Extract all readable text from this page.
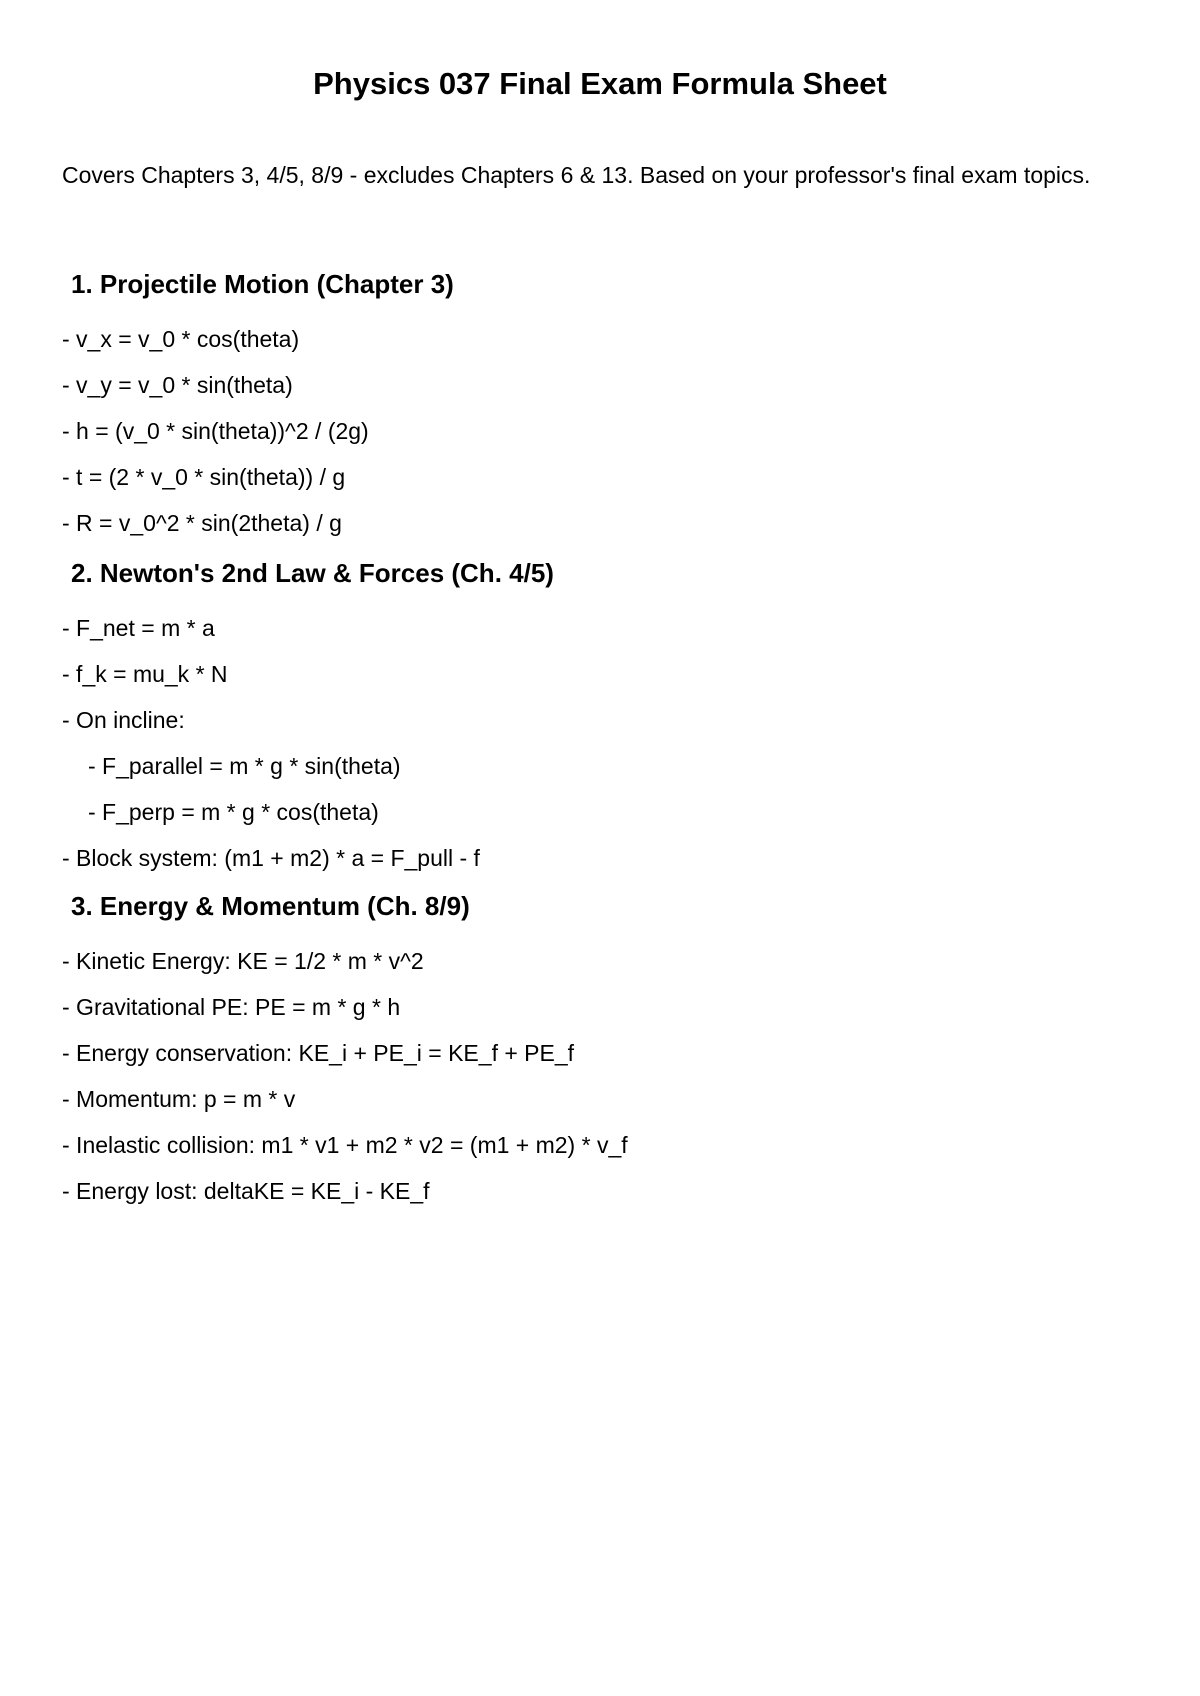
Physics 037 Final Exam Formula Sheet

Covers Chapters 3, 4/5, 8/9 - excludes Chapters 6 & 13. Based on your professor's final exam topics.

1. Projectile Motion (Chapter 3)
- v_x = v_0 * cos(theta)
- v_y = v_0 * sin(theta)
- h = (v_0 * sin(theta))^2 / (2g)
- t = (2 * v_0 * sin(theta)) / g
- R = v_0^2 * sin(2theta) / g
2. Newton's 2nd Law & Forces (Ch. 4/5)
- F_net = m * a
- f_k = mu_k * N
- On incline:
- F_parallel = m * g * sin(theta)
- F_perp = m * g * cos(theta)
- Block system: (m1 + m2) * a = F_pull - f
3. Energy & Momentum (Ch. 8/9)
- Kinetic Energy: KE = 1/2 * m * v^2
- Gravitational PE: PE = m * g * h
- Energy conservation: KE_i + PE_i = KE_f + PE_f
- Momentum: p = m * v
- Inelastic collision: m1 * v1 + m2 * v2 = (m1 + m2) * v_f
- Energy lost: deltaKE = KE_i - KE_f
